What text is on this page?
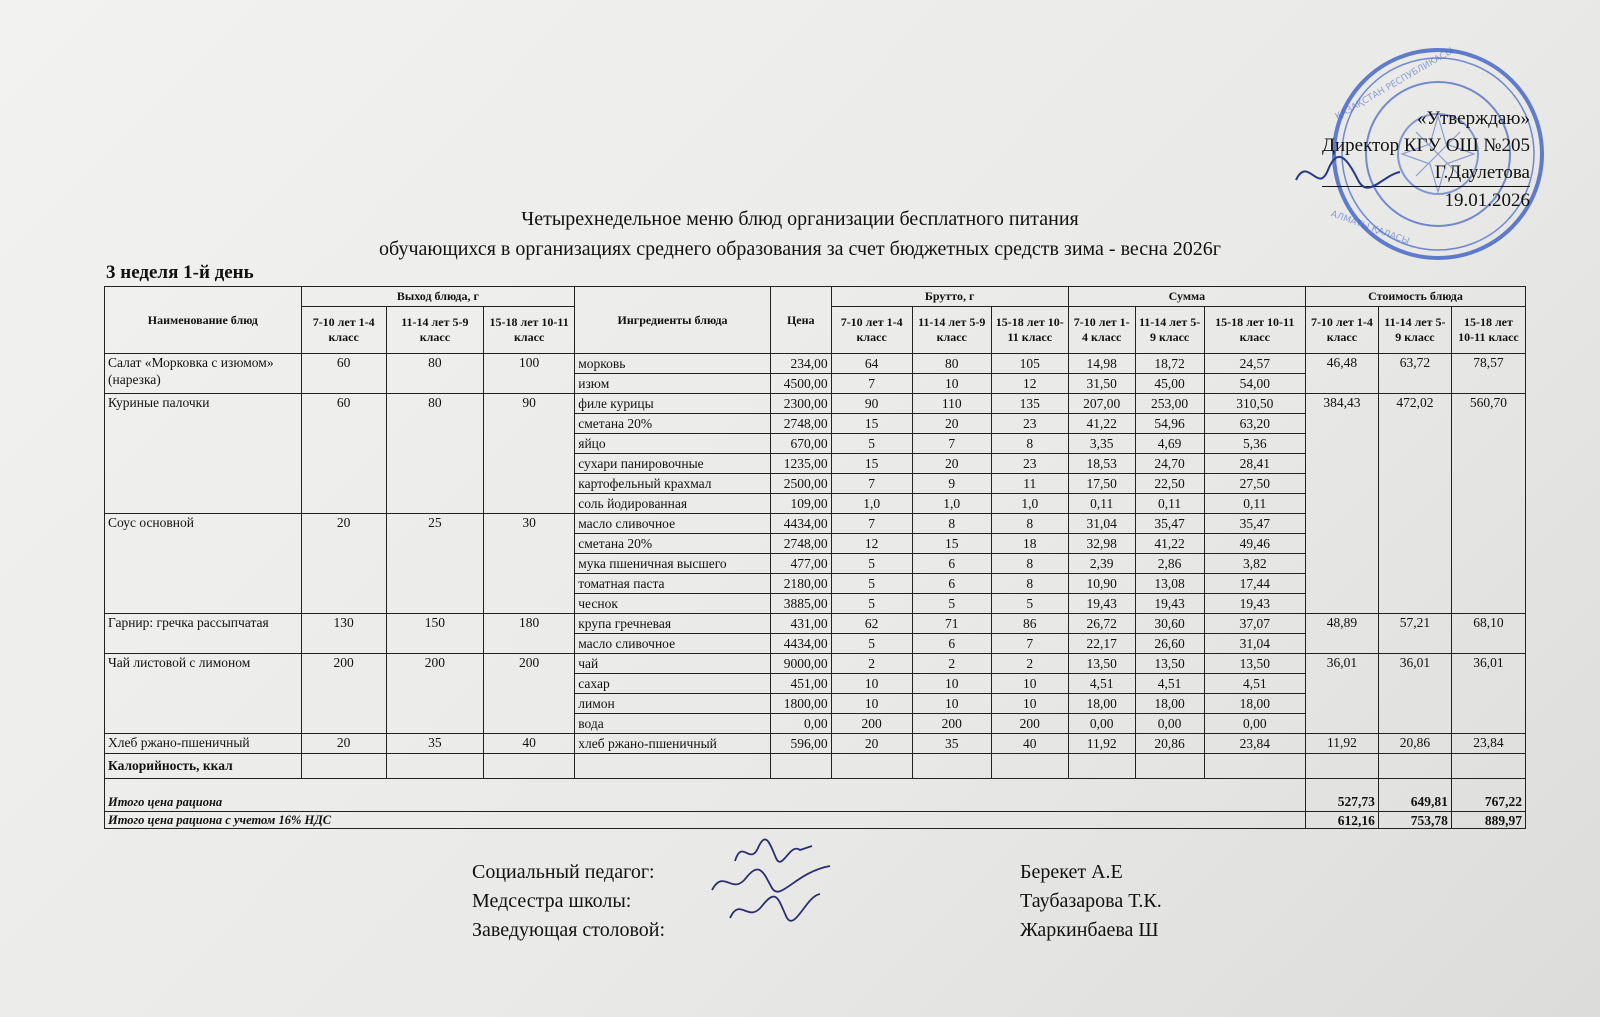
ҚАЗАҚСТАН РЕСПУБЛИКАСЫ
АЛМАТЫ ҚАЛАСЫ
«Утверждаю»
Директор КГУ ОШ №205
Г.Даулетова
19.01.2026
Четырехнедельное меню блюд организации бесплатного питания
обучающихся в организациях среднего образования за счет бюджетных средств зима - весна 2026г
3 неделя 1-й день
Наименование блюд	Выход блюда, г			Ингредиенты блюда	Цена	Брутто, г			Сумма			Стоимость блюда		
	7-10 лет 1-4 класс	11-14 лет 5-9 класс	15-18 лет 10-11 класс			7-10 лет 1-4 класс	11-14 лет 5-9 класс	15-18 лет 10-11 класс	7-10 лет 1-4 класс	11-14 лет 5-9 класс	15-18 лет 10-11 класс	7-10 лет 1-4 класс	11-14 лет 5-9 класс	15-18 лет 10-11 класс
Салат «Морковка с изюмом» (нарезка)	60	80	100	морковь	234,00	64	80	105	14,98	18,72	24,57	46,48	63,72	78,57
				изюм	4500,00	7	10	12	31,50	45,00	54,00			
Куриные палочки	60	80	90	филе курицы	2300,00	90	110	135	207,00	253,00	310,50	384,43	472,02	560,70
				сметана 20%	2748,00	15	20	23	41,22	54,96	63,20			
				яйцо	670,00	5	7	8	3,35	4,69	5,36			
				сухари панировочные	1235,00	15	20	23	18,53	24,70	28,41			
				картофельный крахмал	2500,00	7	9	11	17,50	22,50	27,50			
				соль йодированная	109,00	1,0	1,0	1,0	0,11	0,11	0,11			
Соус основной	20	25	30	масло сливочное	4434,00	7	8	8	31,04	35,47	35,47			
				сметана 20%	2748,00	12	15	18	32,98	41,22	49,46			
				мука пшеничная высшего	477,00	5	6	8	2,39	2,86	3,82			
				томатная паста	2180,00	5	6	8	10,90	13,08	17,44			
				чеснок	3885,00	5	5	5	19,43	19,43	19,43			
Гарнир: гречка рассыпчатая	130	150	180	крупа гречневая	431,00	62	71	86	26,72	30,60	37,07	48,89	57,21	68,10
				масло сливочное	4434,00	5	6	7	22,17	26,60	31,04			
Чай листовой с лимоном	200	200	200	чай	9000,00	2	2	2	13,50	13,50	13,50	36,01	36,01	36,01
				сахар	451,00	10	10	10	4,51	4,51	4,51			
				лимон	1800,00	10	10	10	18,00	18,00	18,00			
				вода	0,00	200	200	200	0,00	0,00	0,00			
Хлеб ржано-пшеничный	20	35	40	хлеб ржано-пшеничный	596,00	20	35	40	11,92	20,86	23,84	11,92	20,86	23,84
Калорийность, ккал														
Итого цена рациона												527,73	649,81	767,22
Итого цена рациона с учетом 16% НДС												612,16	753,78	889,97
Социальный педагог:	Берекет А.Е
Медсестра школы:	Таубазарова Т.К.
Заведующая столовой:	Жаркинбаева Ш
